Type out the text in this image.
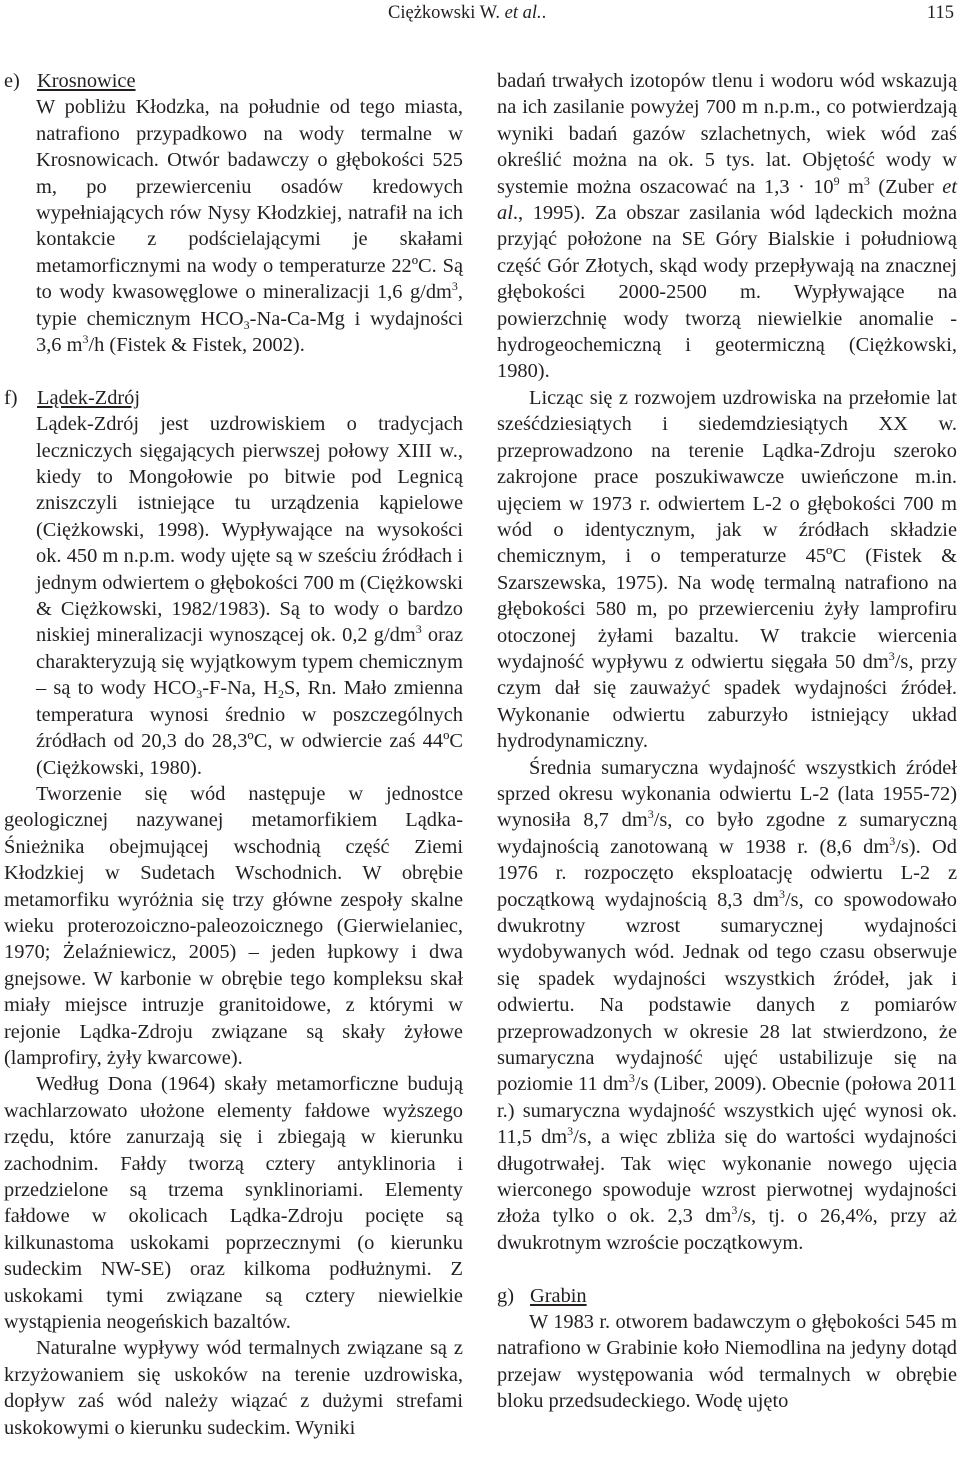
Ciężkowski W. et al..	115
e) Krosnowice

W pobliżu Kłodzka, na południe od tego miasta, natrafiono przypadkowo na wody termalne w Krosnowicach. Otwór badawczy o głębokości 525 m, po przewierceniu osadów kredowych wypełniających rów Nysy Kłodzkiej, natrafił na ich kontakcie z podścielającymi je skałami metamorficznymi na wody o temperaturze 22ºC. Są to wody kwasowęglowe o mineralizacji 1,6 $g/dm^3$, typie chemicznym $HCO_3-Na-Ca-Mg$ i wydajności 3,6 $m^3/h$ (Fistek & Fistek, 2002).

f) Lądek-Zdrój

Lądek-Zdrój jest uzdrowiskiem o tradycjach leczniczych sięgających pierwszej połowy XIII w., kiedy to Mongołowie po bitwie pod Legnicą zniszczyli istniejące tu urządzenia kąpielowe (Ciężkowski, 1998). Wypływające na wysokości ok. 450 m n.p.m. wody ujęte są w sześciu źródłach i jednym odwiertem o głębokości 700 m (Ciężkowski & Ciężkowski, 1982/1983). Są to wody o bardzo niskiej mineralizacji wynoszącej ok. 0,2 $g/dm^3$ oraz charakteryzują się wyjątkowym typem chemicznym – są to wody $HCO_3-F-Na$, $H_2S$, Rn. Mało zmienna temperatura wynosi średnio w poszczególnych źródłach od 20,3 do 28,3ºC, w odwiercie zaś 44ºC (Ciężkowski, 1980).

Tworzenie się wód następuje w jednostce geologicznej nazywanej metamorfikiem Lądka-Śnieżnika obejmującej wschodnią część Ziemi Kłodzkiej w Sudetach Wschodnich. W obrębie metamorfiku wyróżnia się trzy główne zespoły skalne wieku proterozoiczno-paleozoicznego (Gierwielaniec, 1970; Żelaźniewicz, 2005) – jeden łupkowy i dwa gnejsowe. W karbonie w obrębie tego kompleksu skał miały miejsce intruzje granitoidowe, z którymi w rejonie Lądka-Zdroju związane są skały żyłowe (lamprofiry, żyły kwarcowe).

Według Dona (1964) skały metamorficzne budują wachlarzowato ułożone elementy fałdowe wyższego rzędu, które zanurzają się i zbiegają w kierunku zachodnim. Fałdy tworzą cztery antyklinoria i przedzielone są trzema synklinoriami. Elementy fałdowe w okolicach Lądka-Zdroju pocięte są kilkunastoma uskokami poprzecznymi (o kierunku sudeckim NW-SE) oraz kilkoma podłużnymi. Z uskokami tymi związane są cztery niewielkie wystąpienia neogeńskich bazaltów.

Naturalne wypływy wód termalnych związane są z krzyżowaniem się uskoków na terenie uzdrowiska, dopływ zaś wód należy wiązać z dużymi strefami uskokowymi o kierunku sudeckim. Wyniki

badań trwałych izotopów tlenu i wodoru wód wskazują na ich zasilanie powyżej 700 m n.p.m., co potwierdzają wyniki badań gazów szlachetnych, wiek wód zaś określić można na ok. 5 tys. lat. Objętość wody w systemie można oszacować na $1,3 \cdot 10^9$ $m^3$ (Zuber et al., 1995). Za obszar zasilania wód lądeckich można przyjąć położone na SE Góry Bialskie i południową część Gór Złotych, skąd wody przepływają na znacznej głębokości 2000-2500 m. Wypływające na powierzchnię wody tworzą niewielkie anomalie - hydrogeochemiczną i geotermiczną (Ciężkowski, 1980).

Licząc się z rozwojem uzdrowiska na przełomie lat sześćdziesiątych i siedemdziesiątych XX w. przeprowadzono na terenie Lądka-Zdroju szeroko zakrojone prace poszukiwawcze uwieńczone m.in. ujęciem w 1973 r. odwiertem L-2 o głębokości 700 m wód o identycznym, jak w źródłach składzie chemicznym, i o temperaturze 45ºC (Fistek & Szarszewska, 1975). Na wodę termalną natrafiono na głębokości 580 m, po przewierceniu żyły lamprofiru otoczonej żyłami bazaltu. W trakcie wiercenia wydajność wypływu z odwiertu sięgała 50 $dm^3/s$, przy czym dał się zauważyć spadek wydajności źródeł. Wykonanie odwiertu zaburzyło istniejący układ hydrodynamiczny.

Średnia sumaryczna wydajność wszystkich źródeł sprzed okresu wykonania odwiertu L-2 (lata 1955-72) wynosiła 8,7 $dm^3/s$, co było zgodne z sumaryczną wydajnością zanotowaną w 1938 r. (8,6 $dm^3/s$). Od 1976 r. rozpoczęto eksploatację odwiertu L-2 z początkową wydajnością 8,3 $dm^3/s$, co spowodowało dwukrotny wzrost sumarycznej wydajności wydobywanych wód. Jednak od tego czasu obserwuje się spadek wydajności wszystkich źródeł, jak i odwiertu. Na podstawie danych z pomiarów przeprowadzonych w okresie 28 lat stwierdzono, że sumaryczna wydajność ujęć ustabilizuje się na poziomie 11 $dm^3/s$ (Liber, 2009). Obecnie (połowa 2011 r.) sumaryczna wydajność wszystkich ujęć wynosi ok. 11,5 $dm^3/s$, a więc zbliża się do wartości wydajności długotrwałej. Tak więc wykonanie nowego ujęcia wierconego spowoduje wzrost pierwotnej wydajności złoża tylko o ok. 2,3 $dm^3/s$, tj. o 26,4%, przy aż dwukrotnym wzroście początkowym.

g) Grabin

W 1983 r. otworem badawczym o głębokości 545 m natrafiono w Grabinie koło Niemodlina na jedyny dotąd przejaw występowania wód termalnych w obrębie bloku przedsudeckiego. Wodę ujęto
